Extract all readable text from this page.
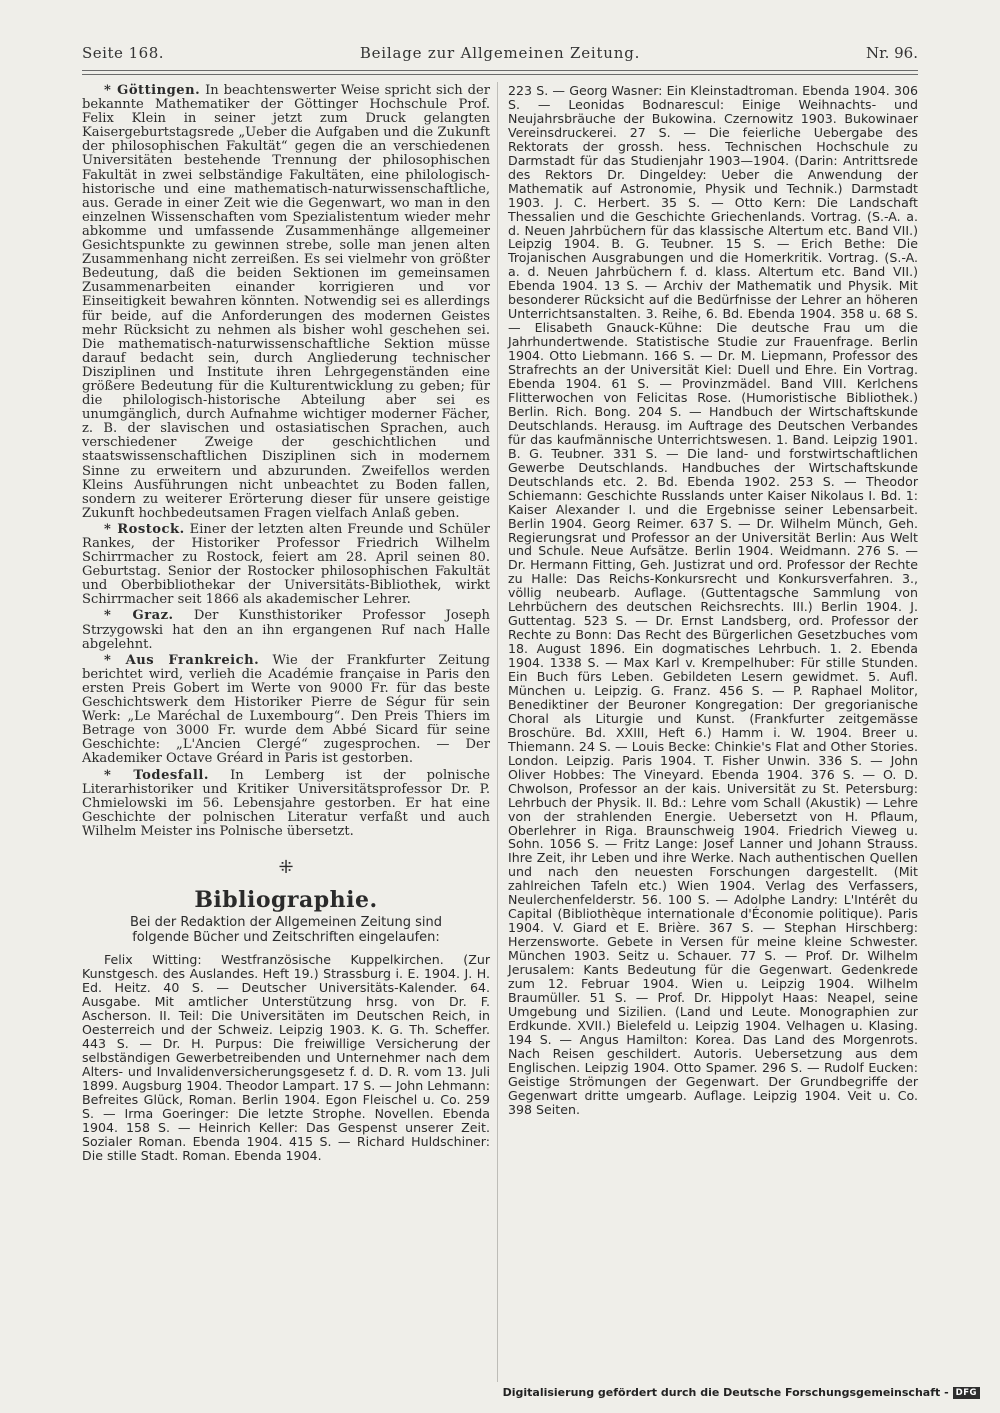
Seite 168.	Beilage zur Allgemeinen Zeitung.	Nr. 96.

* Göttingen. In beachtenswerter Weise spricht sich der bekannte Mathematiker der Göttinger Hochschule Prof. Felix Klein in seiner jetzt zum Druck gelangten Kaisergeburtstagsrede „Ueber die Aufgaben und die Zukunft der philosophischen Fakultät“ gegen die an verschiedenen Universitäten bestehende Trennung der philosophischen Fakultät in zwei selbständige Fakultäten, eine philologisch-historische und eine mathematisch-naturwissenschaftliche, aus. Gerade in einer Zeit wie die Gegenwart, wo man in den einzelnen Wissenschaften vom Spezialistentum wieder mehr abkomme und umfassende Zusammenhänge allgemeiner Gesichtspunkte zu gewinnen strebe, solle man jenen alten Zusammenhang nicht zerreißen. Es sei vielmehr von größter Bedeutung, daß die beiden Sektionen im gemeinsamen Zusammenarbeiten einander korrigieren und vor Einseitigkeit bewahren könnten. Notwendig sei es allerdings für beide, auf die Anforderungen des modernen Geistes mehr Rücksicht zu nehmen als bisher wohl geschehen sei. Die mathematisch-naturwissenschaftliche Sektion müsse darauf bedacht sein, durch Angliederung technischer Disziplinen und Institute ihren Lehrgegenständen eine größere Bedeutung für die Kulturentwicklung zu geben; für die philologisch-historische Abteilung aber sei es unumgänglich, durch Aufnahme wichtiger moderner Fächer, z. B. der slavischen und ostasiatischen Sprachen, auch verschiedener Zweige der geschichtlichen und staatswissenschaftlichen Disziplinen sich in modernem Sinne zu erweitern und abzurunden. Zweifellos werden Kleins Ausführungen nicht unbeachtet zu Boden fallen, sondern zu weiterer Erörterung dieser für unsere geistige Zukunft hochbedeutsamen Fragen vielfach Anlaß geben.

* Rostock. Einer der letzten alten Freunde und Schüler Rankes, der Historiker Professor Friedrich Wilhelm Schirrmacher zu Rostock, feiert am 28. April seinen 80. Geburtstag. Senior der Rostocker philosophischen Fakultät und Oberbibliothekar der Universitäts-Bibliothek, wirkt Schirrmacher seit 1866 als akademischer Lehrer.

* Graz. Der Kunsthistoriker Professor Joseph Strzygowski hat den an ihn ergangenen Ruf nach Halle abgelehnt.

* Aus Frankreich. Wie der Frankfurter Zeitung berichtet wird, verlieh die Académie française in Paris den ersten Preis Gobert im Werte von 9000 Fr. für das beste Geschichtswerk dem Historiker Pierre de Ségur für sein Werk: „Le Maréchal de Luxembourg“. Den Preis Thiers im Betrage von 3000 Fr. wurde dem Abbé Sicard für seine Geschichte: „L'Ancien Clergé“ zugesprochen. — Der Akademiker Octave Gréard in Paris ist gestorben.

* Todesfall. In Lemberg ist der polnische Literarhistoriker und Kritiker Universitätsprofessor Dr. P. Chmielowski im 56. Lebensjahre gestorben. Er hat eine Geschichte der polnischen Literatur verfaßt und auch Wilhelm Meister ins Polnische übersetzt.

⁜
Bibliographie.
Bei der Redaktion der Allgemeinen Zeitung sind folgende Bücher und Zeitschriften eingelaufen:

Felix Witting: Westfranzösische Kuppelkirchen. (Zur Kunstgesch. des Auslandes. Heft 19.) Strassburg i. E. 1904. J. H. Ed. Heitz. 40 S. — Deutscher Universitäts-Kalender. 64. Ausgabe. Mit amtlicher Unterstützung hrsg. von Dr. F. Ascherson. II. Teil: Die Universitäten im Deutschen Reich, in Oesterreich und der Schweiz. Leipzig 1903. K. G. Th. Scheffer. 443 S. — Dr. H. Purpus: Die freiwillige Versicherung der selbständigen Gewerbetreibenden und Unternehmer nach dem Alters- und Invalidenversicherungsgesetz f. d. D. R. vom 13. Juli 1899. Augsburg 1904. Theodor Lampart. 17 S. — John Lehmann: Befreites Glück, Roman. Berlin 1904. Egon Fleischel u. Co. 259 S. — Irma Goeringer: Die letzte Strophe. Novellen. Ebenda 1904. 158 S. — Heinrich Keller: Das Gespenst unserer Zeit. Sozialer Roman. Ebenda 1904. 415 S. — Richard Huldschiner: Die stille Stadt. Roman. Ebenda 1904.

223 S. — Georg Wasner: Ein Kleinstadtroman. Ebenda 1904. 306 S. — Leonidas Bodnarescul: Einige Weihnachts- und Neujahrsbräuche der Bukowina. Czernowitz 1903. Bukowinaer Vereinsdruckerei. 27 S. — Die feierliche Uebergabe des Rektorats der grossh. hess. Technischen Hochschule zu Darmstadt für das Studienjahr 1903—1904. (Darin: Antrittsrede des Rektors Dr. Dingeldey: Ueber die Anwendung der Mathematik auf Astronomie, Physik und Technik.) Darmstadt 1903. J. C. Herbert. 35 S. — Otto Kern: Die Landschaft Thessalien und die Geschichte Griechenlands. Vortrag. (S.-A. a. d. Neuen Jahrbüchern für das klassische Altertum etc. Band VII.) Leipzig 1904. B. G. Teubner. 15 S. — Erich Bethe: Die Trojanischen Ausgrabungen und die Homerkritik. Vortrag. (S.-A. a. d. Neuen Jahrbüchern f. d. klass. Altertum etc. Band VII.) Ebenda 1904. 13 S. — Archiv der Mathematik und Physik. Mit besonderer Rücksicht auf die Bedürfnisse der Lehrer an höheren Unterrichtsanstalten. 3. Reihe, 6. Bd. Ebenda 1904. 358 u. 68 S. — Elisabeth Gnauck-Kühne: Die deutsche Frau um die Jahrhundertwende. Statistische Studie zur Frauenfrage. Berlin 1904. Otto Liebmann. 166 S. — Dr. M. Liepmann, Professor des Strafrechts an der Universität Kiel: Duell und Ehre. Ein Vortrag. Ebenda 1904. 61 S. — Provinzmädel. Band VIII. Kerlchens Flitterwochen von Felicitas Rose. (Humoristische Bibliothek.) Berlin. Rich. Bong. 204 S. — Handbuch der Wirtschaftskunde Deutschlands. Herausg. im Auftrage des Deutschen Verbandes für das kaufmännische Unterrichtswesen. 1. Band. Leipzig 1901. B. G. Teubner. 331 S. — Die land- und forstwirtschaftlichen Gewerbe Deutschlands. Handbuches der Wirtschaftskunde Deutschlands etc. 2. Bd. Ebenda 1902. 253 S. — Theodor Schiemann: Geschichte Russlands unter Kaiser Nikolaus I. Bd. 1: Kaiser Alexander I. und die Ergebnisse seiner Lebensarbeit. Berlin 1904. Georg Reimer. 637 S. — Dr. Wilhelm Münch, Geh. Regierungsrat und Professor an der Universität Berlin: Aus Welt und Schule. Neue Aufsätze. Berlin 1904. Weidmann. 276 S. — Dr. Hermann Fitting, Geh. Justizrat und ord. Professor der Rechte zu Halle: Das Reichs-Konkursrecht und Konkursverfahren. 3., völlig neubearb. Auflage. (Guttentagsche Sammlung von Lehrbüchern des deutschen Reichsrechts. III.) Berlin 1904. J. Guttentag. 523 S. — Dr. Ernst Landsberg, ord. Professor der Rechte zu Bonn: Das Recht des Bürgerlichen Gesetzbuches vom 18. August 1896. Ein dogmatisches Lehrbuch. 1. 2. Ebenda 1904. 1338 S. — Max Karl v. Krempelhuber: Für stille Stunden. Ein Buch fürs Leben. Gebildeten Lesern gewidmet. 5. Aufl. München u. Leipzig. G. Franz. 456 S. — P. Raphael Molitor, Benediktiner der Beuroner Kongregation: Der gregorianische Choral als Liturgie und Kunst. (Frankfurter zeitgemässe Broschüre. Bd. XXIII, Heft 6.) Hamm i. W. 1904. Breer u. Thiemann. 24 S. — Louis Becke: Chinkie's Flat and Other Stories. London. Leipzig. Paris 1904. T. Fisher Unwin. 336 S. — John Oliver Hobbes: The Vineyard. Ebenda 1904. 376 S. — O. D. Chwolson, Professor an der kais. Universität zu St. Petersburg: Lehrbuch der Physik. II. Bd.: Lehre vom Schall (Akustik) — Lehre von der strahlenden Energie. Uebersetzt von H. Pflaum, Oberlehrer in Riga. Braunschweig 1904. Friedrich Vieweg u. Sohn. 1056 S. — Fritz Lange: Josef Lanner und Johann Strauss. Ihre Zeit, ihr Leben und ihre Werke. Nach authentischen Quellen und nach den neuesten Forschungen dargestellt. (Mit zahlreichen Tafeln etc.) Wien 1904. Verlag des Verfassers, Neulerchenfelderstr. 56. 100 S. — Adolphe Landry: L'Intérêt du Capital (Bibliothèque internationale d'Économie politique). Paris 1904. V. Giard et E. Brière. 367 S. — Stephan Hirschberg: Herzensworte. Gebete in Versen für meine kleine Schwester. München 1903. Seitz u. Schauer. 77 S. — Prof. Dr. Wilhelm Jerusalem: Kants Bedeutung für die Gegenwart. Gedenkrede zum 12. Februar 1904. Wien u. Leipzig 1904. Wilhelm Braumüller. 51 S. — Prof. Dr. Hippolyt Haas: Neapel, seine Umgebung und Sizilien. (Land und Leute. Monographien zur Erdkunde. XVII.) Bielefeld u. Leipzig 1904. Velhagen u. Klasing. 194 S. — Angus Hamilton: Korea. Das Land des Morgenrots. Nach Reisen geschildert. Autoris. Uebersetzung aus dem Englischen. Leipzig 1904. Otto Spamer. 296 S. — Rudolf Eucken: Geistige Strömungen der Gegenwart. Der Grundbegriffe der Gegenwart dritte umgearb. Auflage. Leipzig 1904. Veit u. Co. 398 Seiten.

Digitalisierung gefördert durch die Deutsche Forschungsgemeinschaft - DFG
